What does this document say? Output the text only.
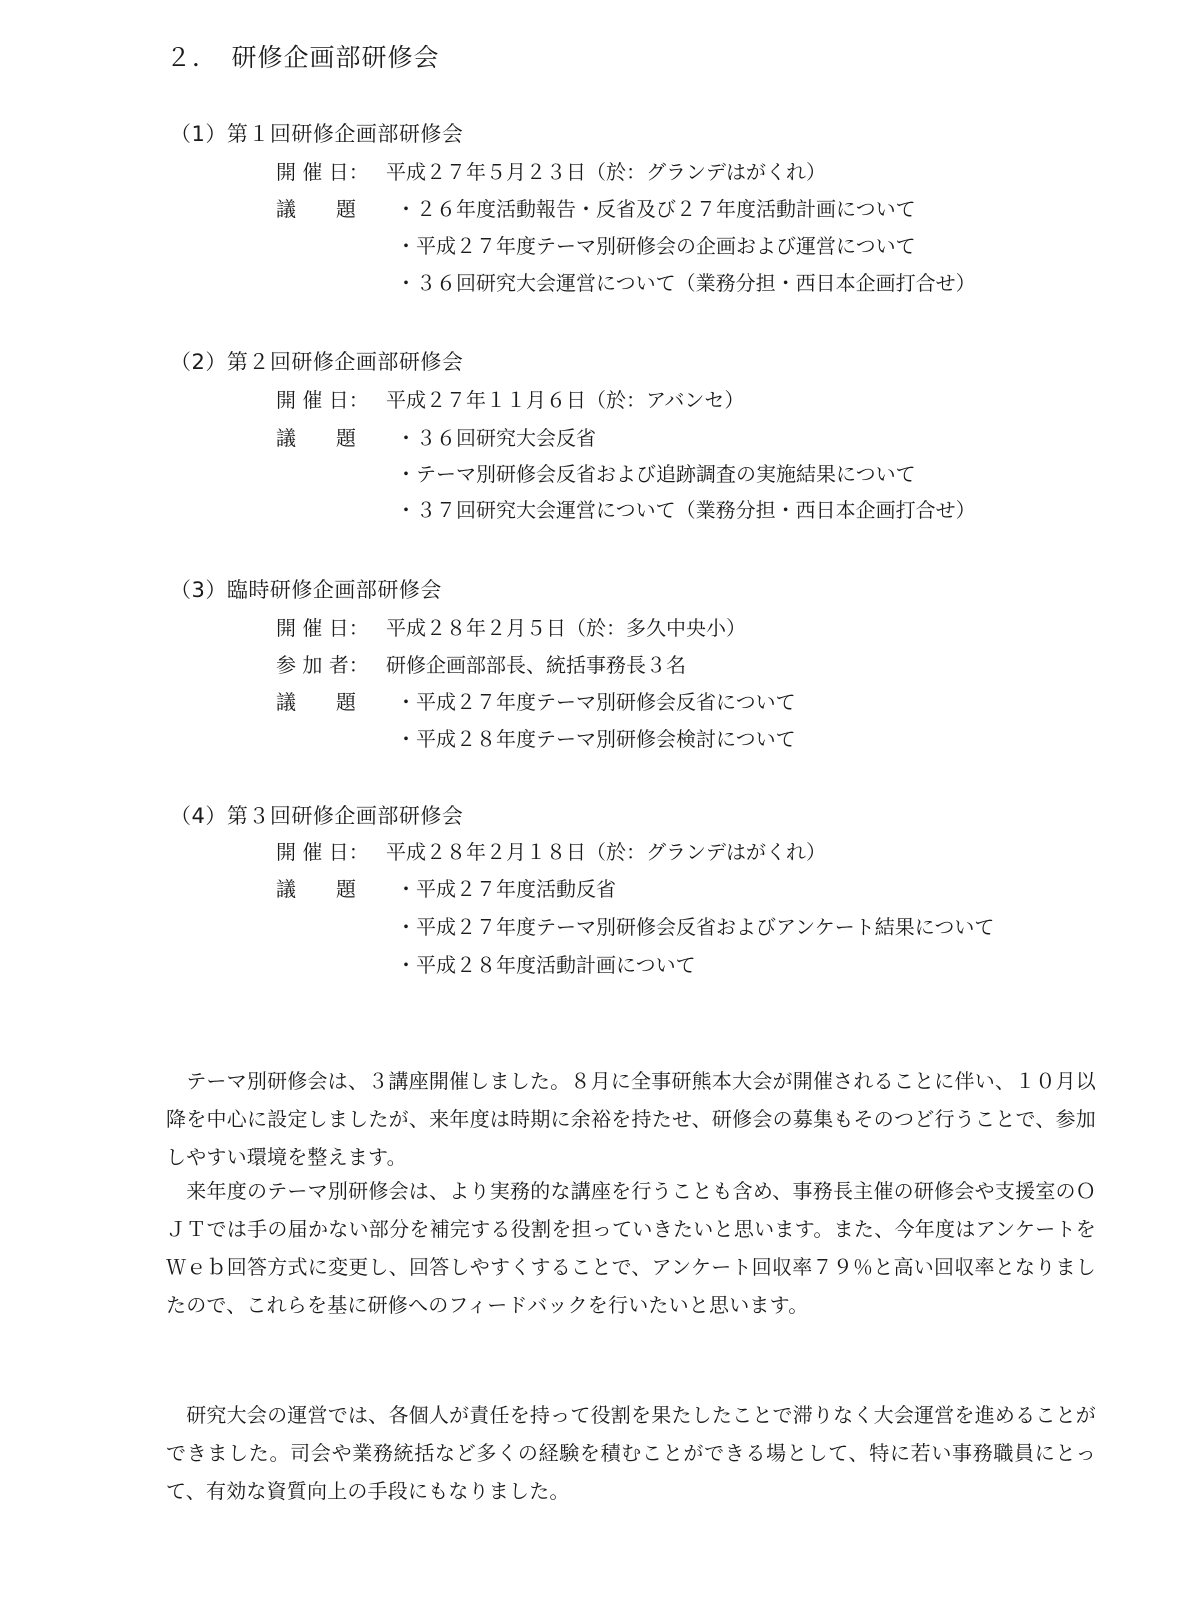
２．　研修企画部研修会
（1）第１回研修企画部研修会
開 催 日： 平成２７年５月２３日（於：グランデはがくれ）
議　　題 ・２６年度活動報告・反省及び２７年度活動計画について
・平成２７年度テーマ別研修会の企画および運営について
・３６回研究大会運営について（業務分担・西日本企画打合せ）
（2）第２回研修企画部研修会
開 催 日： 平成２７年１１月６日（於：アバンセ）
議　　題 ・３６回研究大会反省
・テーマ別研修会反省および追跡調査の実施結果について
・３７回研究大会運営について（業務分担・西日本企画打合せ）
（3）臨時研修企画部研修会
開 催 日： 平成２８年２月５日（於：多久中央小）
参 加 者： 研修企画部部長、統括事務長３名
議　　題 ・平成２７年度テーマ別研修会反省について
・平成２８年度テーマ別研修会検討について
（4）第３回研修企画部研修会
開 催 日： 平成２８年２月１８日（於：グランデはがくれ）
議　　題 ・平成２７年度活動反省
・平成２７年度テーマ別研修会反省およびアンケート結果について
・平成２８年度活動計画について

　テーマ別研修会は、３講座開催しました。８月に全事研熊本大会が開催されることに伴い、１０月以降を中心に設定しましたが、来年度は時期に余裕を持たせ、研修会の募集もそのつど行うことで、参加しやすい環境を整えます。

　来年度のテーマ別研修会は、より実務的な講座を行うことも含め、事務長主催の研修会や支援室のＯＪＴでは手の届かない部分を補完する役割を担っていきたいと思います。また、今年度はアンケートをＷｅｂ回答方式に変更し、回答しやすくすることで、アンケート回収率７９％と高い回収率となりましたので、これらを基に研修へのフィードバックを行いたいと思います。

　研究大会の運営では、各個人が責任を持って役割を果たしたことで滞りなく大会運営を進めることができました。司会や業務統括など多くの経験を積むことができる場として、特に若い事務職員にとって、有効な資質向上の手段にもなりました。
